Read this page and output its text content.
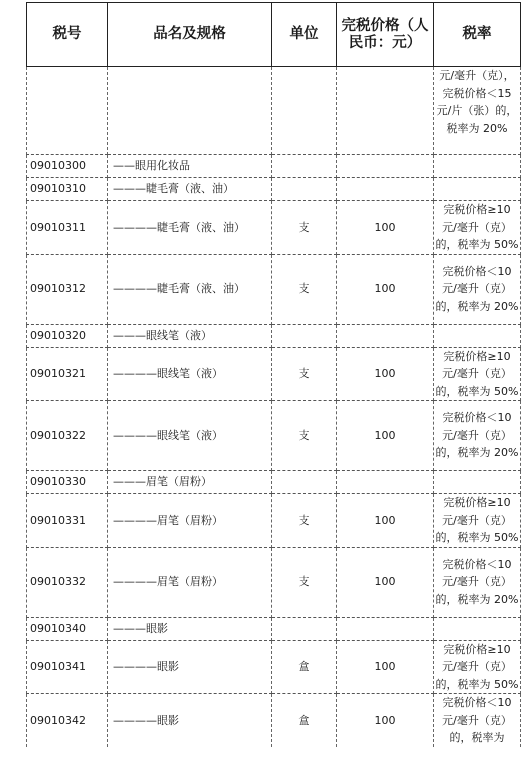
税号	品名及规格	单位	完税价格（人民币：元）	税率
				元/毫升（克），完税价格＜15 元/片（张）的，税率为 20%
09010300	——眼用化妆品			
09010310	———睫毛膏（液、油）			
09010311	————睫毛膏（液、油）	支	100	完税价格≥10 元/毫升（克）的，税率为 50%
09010312	————睫毛膏（液、油）	支	100	完税价格＜10 元/毫升（克）的，税率为 20%
09010320	———眼线笔（液）			
09010321	————眼线笔（液）	支	100	完税价格≥10 元/毫升（克）的，税率为 50%
09010322	————眼线笔（液）	支	100	完税价格＜10 元/毫升（克）的，税率为 20%
09010330	———眉笔（眉粉）			
09010331	————眉笔（眉粉）	支	100	完税价格≥10 元/毫升（克）的，税率为 50%
09010332	————眉笔（眉粉）	支	100	完税价格＜10 元/毫升（克）的，税率为 20%
09010340	———眼影			
09010341	————眼影	盒	100	完税价格≥10 元/毫升（克）的，税率为 50%
09010342	————眼影	盒	100	完税价格＜10 元/毫升（克）的，税率为
